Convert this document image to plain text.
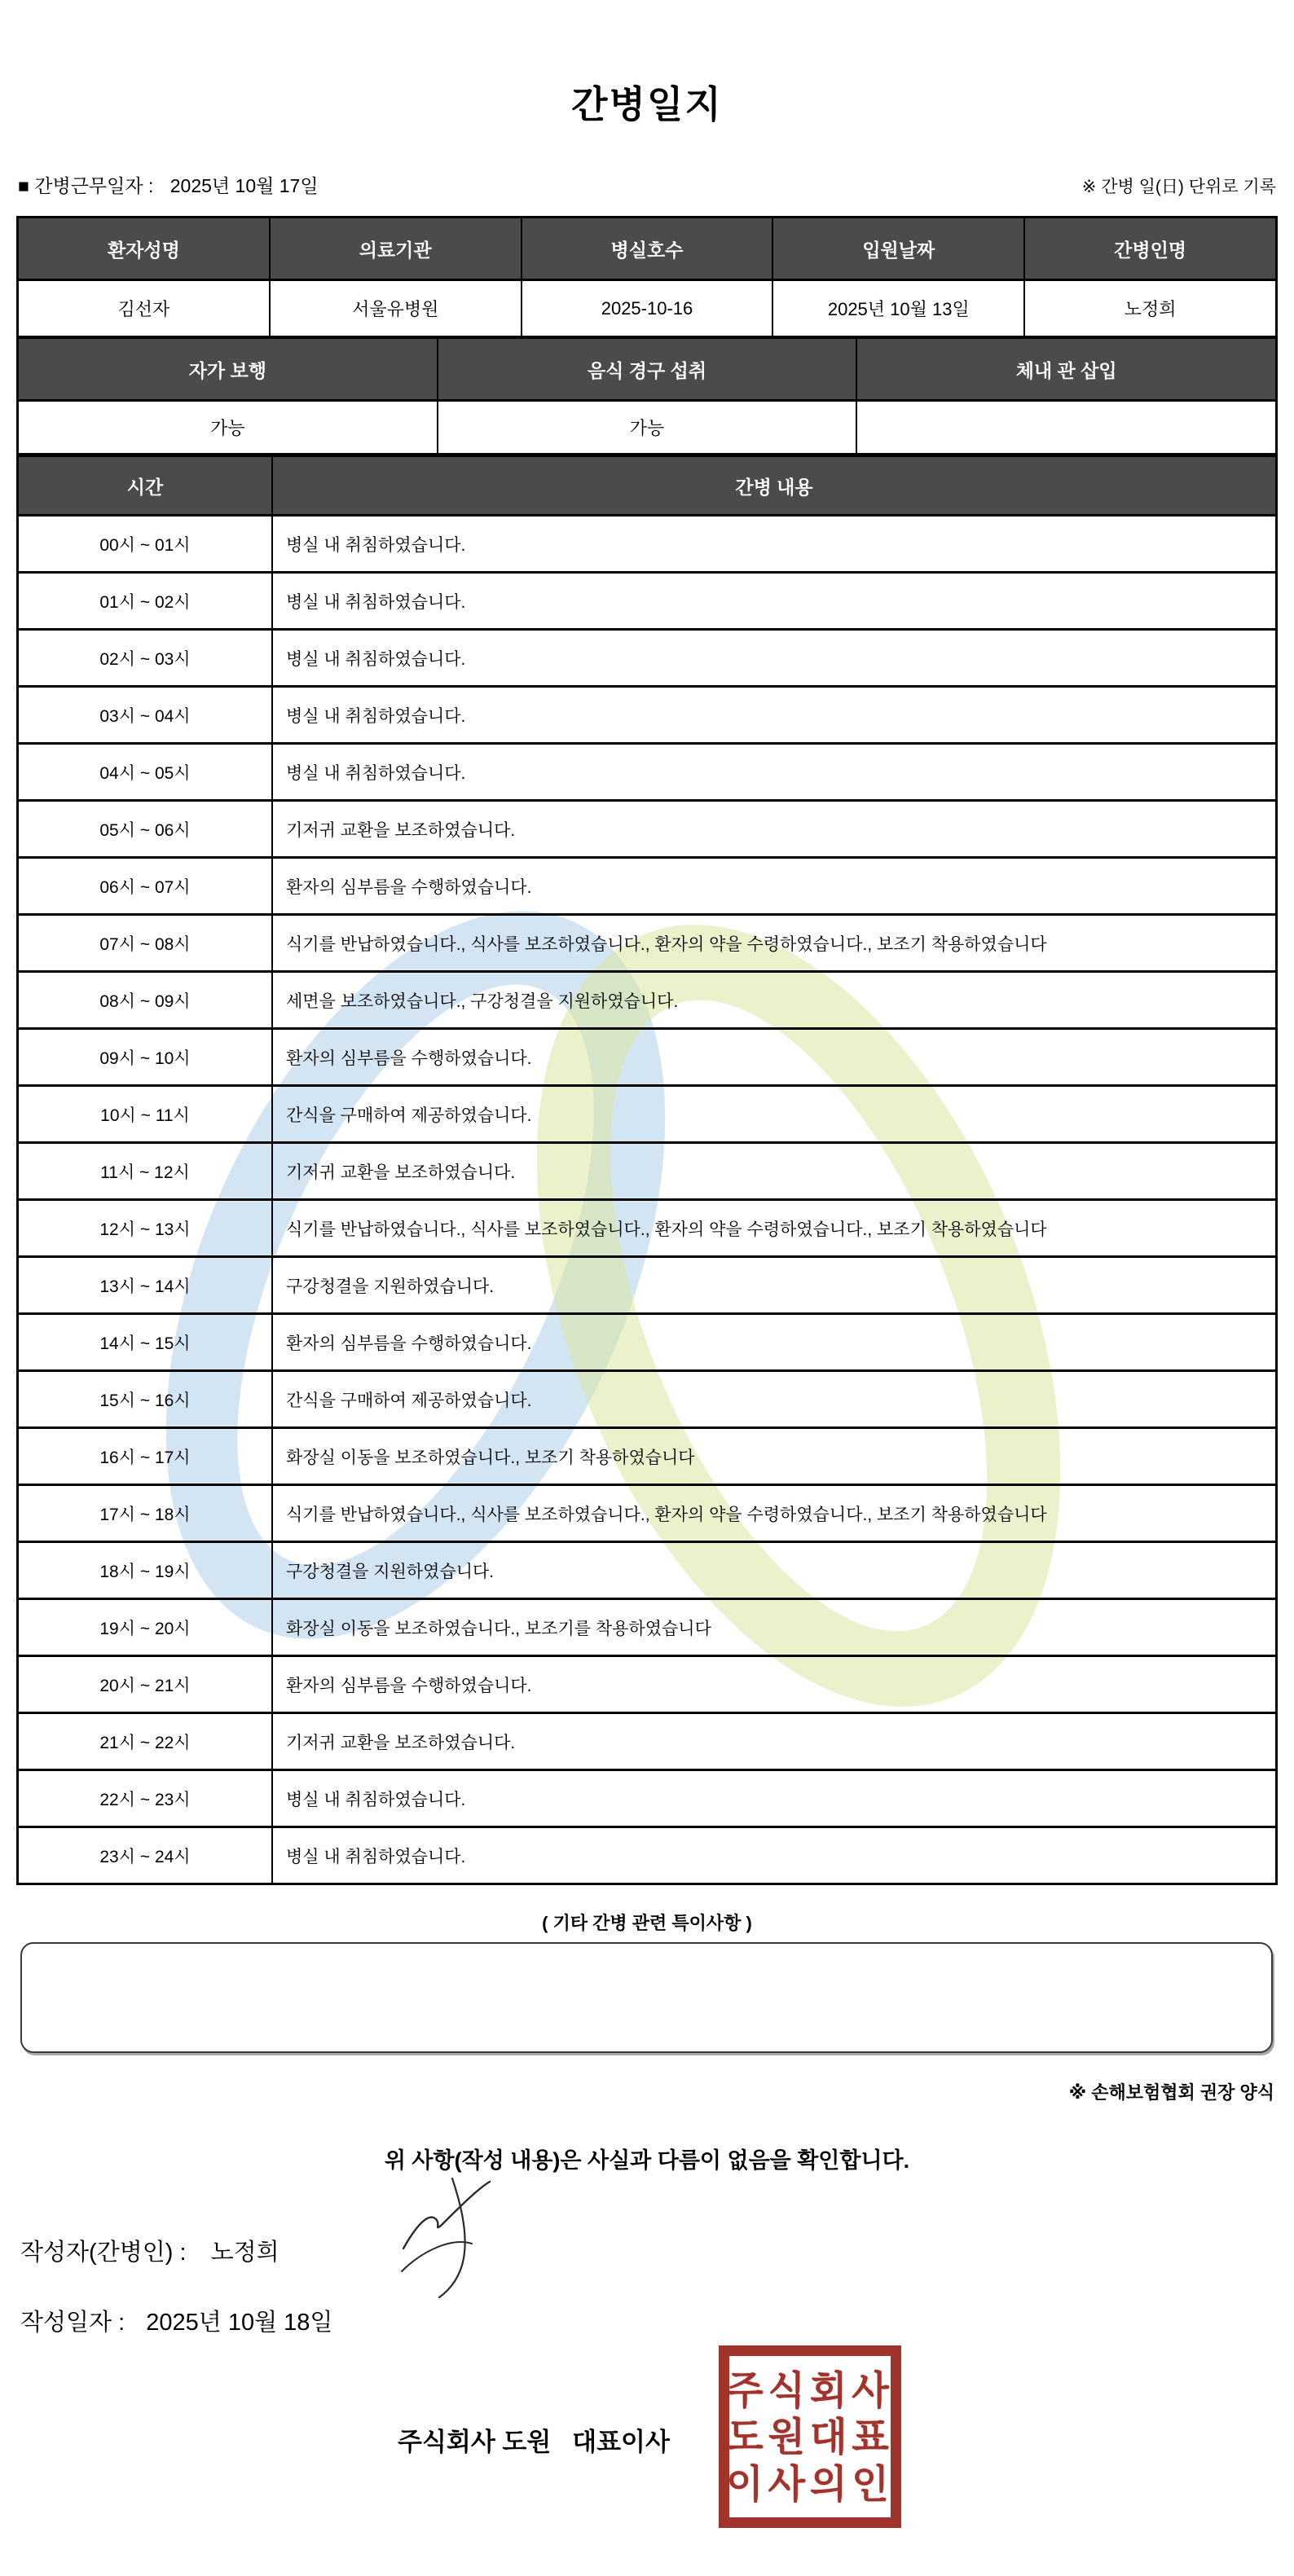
간병일지
■ 간병근무일자 : 2025년 10월 17일	※ 간병 일(日) 단위로 기록
환자성명	의료기관	병실호수	입원날짜	간병인명
김선자	서울유병원	2025-10-16	2025년 10월 13일	노정희
자가 보행	음식 경구 섭취	체내 관 삽입
가능	가능
시간	간병 내용
00시 ~ 01시	병실 내 취침하였습니다.
01시 ~ 02시	병실 내 취침하였습니다.
02시 ~ 03시	병실 내 취침하였습니다.
03시 ~ 04시	병실 내 취침하였습니다.
04시 ~ 05시	병실 내 취침하였습니다.
05시 ~ 06시	기저귀 교환을 보조하였습니다.
06시 ~ 07시	환자의 심부름을 수행하였습니다.
07시 ~ 08시	식기를 반납하였습니다., 식사를 보조하였습니다., 환자의 약을 수령하였습니다., 보조기 착용하였습니다
08시 ~ 09시	세면을 보조하였습니다., 구강청결을 지원하였습니다.
09시 ~ 10시	환자의 심부름을 수행하였습니다.
10시 ~ 11시	간식을 구매하여 제공하였습니다.
11시 ~ 12시	기저귀 교환을 보조하였습니다.
12시 ~ 13시	식기를 반납하였습니다., 식사를 보조하였습니다., 환자의 약을 수령하였습니다., 보조기 착용하였습니다
13시 ~ 14시	구강청결을 지원하였습니다.
14시 ~ 15시	환자의 심부름을 수행하였습니다.
15시 ~ 16시	간식을 구매하여 제공하였습니다.
16시 ~ 17시	화장실 이동을 보조하였습니다., 보조기 착용하였습니다
17시 ~ 18시	식기를 반납하였습니다., 식사를 보조하였습니다., 환자의 약을 수령하였습니다., 보조기 착용하였습니다
18시 ~ 19시	구강청결을 지원하였습니다.
19시 ~ 20시	화장실 이동을 보조하였습니다., 보조기를 착용하였습니다
20시 ~ 21시	환자의 심부름을 수행하였습니다.
21시 ~ 22시	기저귀 교환을 보조하였습니다.
22시 ~ 23시	병실 내 취침하였습니다.
23시 ~ 24시	병실 내 취침하였습니다.
( 기타 간병 관련 특이사항 )
※ 손해보험협회 권장 양식
위 사항(작성 내용)은 사실과 다름이 없음을 확인합니다.
작성자(간병인) : 노정희
작성일자 : 2025년 10월 18일
주식회사 도원   대표이사
주식회사
도원대표
이사의인
